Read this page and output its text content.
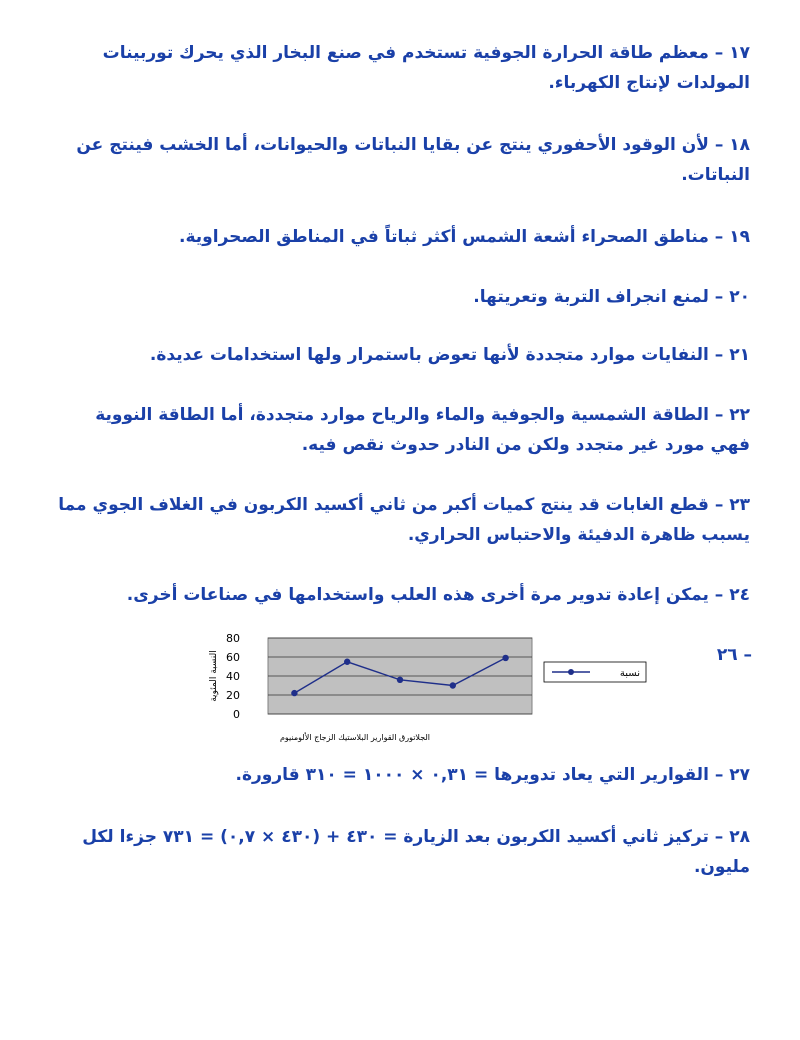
١٧ – معظم طاقة الحرارة الجوفية تستخدم في صنع البخار الذي يحرك توربينات المولدات لإنتاج الكهرباء.

١٨ – لأن الوقود الأحفوري ينتج عن بقايا النباتات والحيوانات، أما الخشب فينتج عن النباتات.

١٩ – مناطق الصحراء أشعة الشمس أكثر ثباتاً في المناطق الصحراوية.

٢٠ – لمنع انجراف التربة وتعريتها.

٢١ – النفايات موارد متجددة لأنها تعوض باستمرار ولها استخدامات عديدة.

٢٢ – الطاقة الشمسية والجوفية والماء والرياح موارد متجددة، أما الطاقة النووية فهي مورد غير متجدد ولكن من النادر حدوث نقص فيه.

٢٣ – قطع الغابات قد ينتج كميات أكبر من ثاني أكسيد الكربون في الغلاف الجوي مما يسبب ظاهرة الدفيئة والاحتباس الحراري.

٢٤ – يمكن إعادة تدوير مرة أخرى هذه العلب واستخدامها في صناعات أخرى.

– ٢٦
0
20
40
60
80
النسبة المئوية
الجلاتورق القوارير البلاستيك الزجاج الألومنيوم
نسبة

٢٧ – القوارير التي يعاد تدويرها = ٠,٣١ × ١٠٠٠ = ٣١٠ قارورة.

٢٨ – تركيز ثاني أكسيد الكربون بعد الزيارة = ٤٣٠ + (٤٣٠ × ٠,٧) = ٧٣١ جزءا لكل مليون.
